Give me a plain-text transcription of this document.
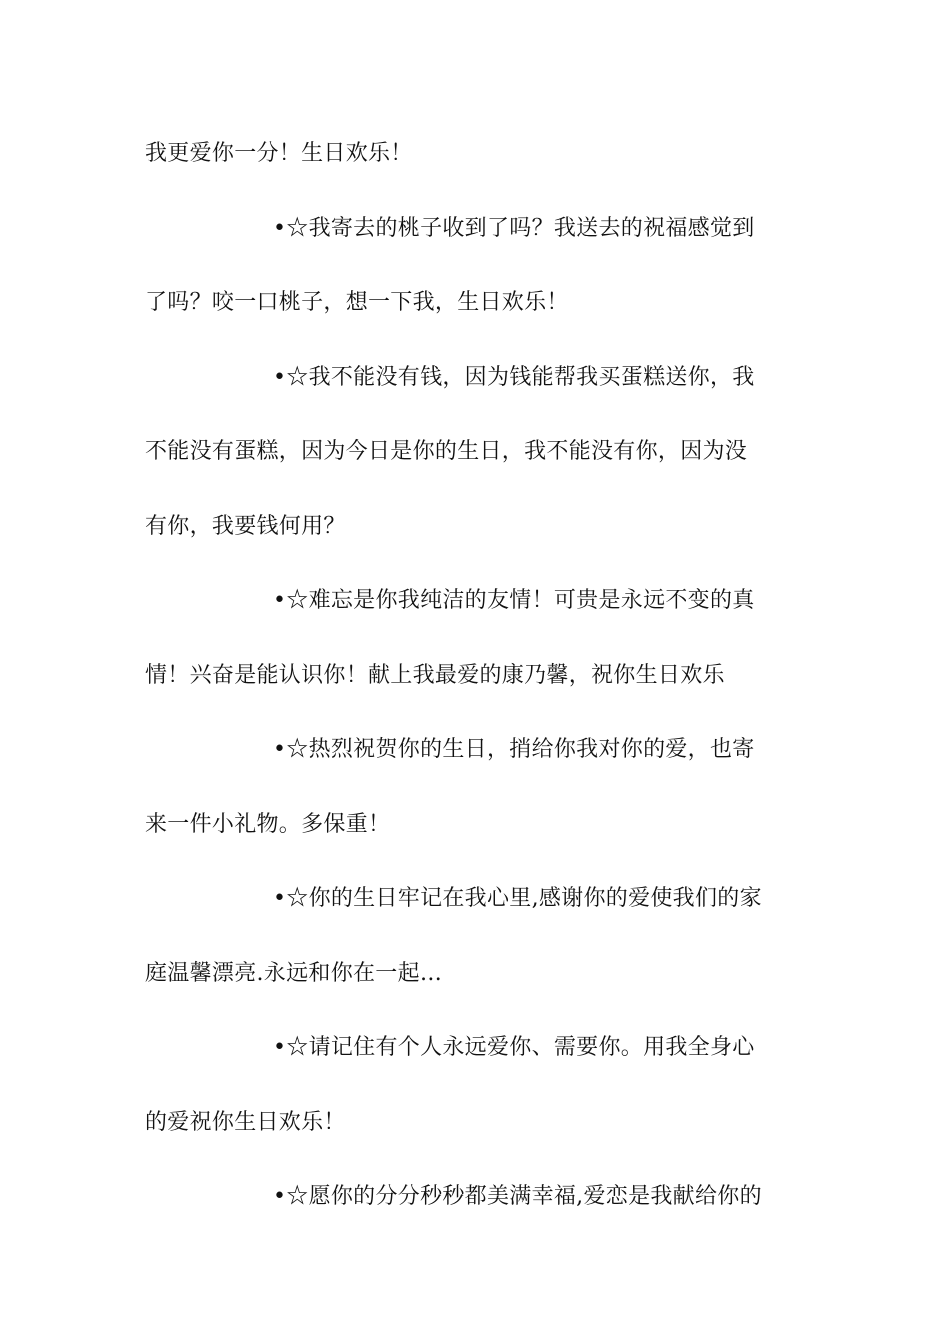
我更爱你一分！生日欢乐！
•☆我寄去的桃子收到了吗？我送去的祝福感觉到
了吗？咬一口桃子，想一下我，生日欢乐！
•☆我不能没有钱，因为钱能帮我买蛋糕送你，我
不能没有蛋糕，因为今日是你的生日，我不能没有你，因为没
有你，我要钱何用？
•☆难忘是你我纯洁的友情！可贵是永远不变的真
情！兴奋是能认识你！献上我最爱的康乃馨，祝你生日欢乐
•☆热烈祝贺你的生日，捎给你我对你的爱，也寄
来一件小礼物。多保重！
•☆你的生日牢记在我心里,感谢你的爱使我们的家
庭温馨漂亮.永远和你在一起…
•☆请记住有个人永远爱你、需要你。用我全身心
的爱祝你生日欢乐！
•☆愿你的分分秒秒都美满幸福,爱恋是我献给你的
